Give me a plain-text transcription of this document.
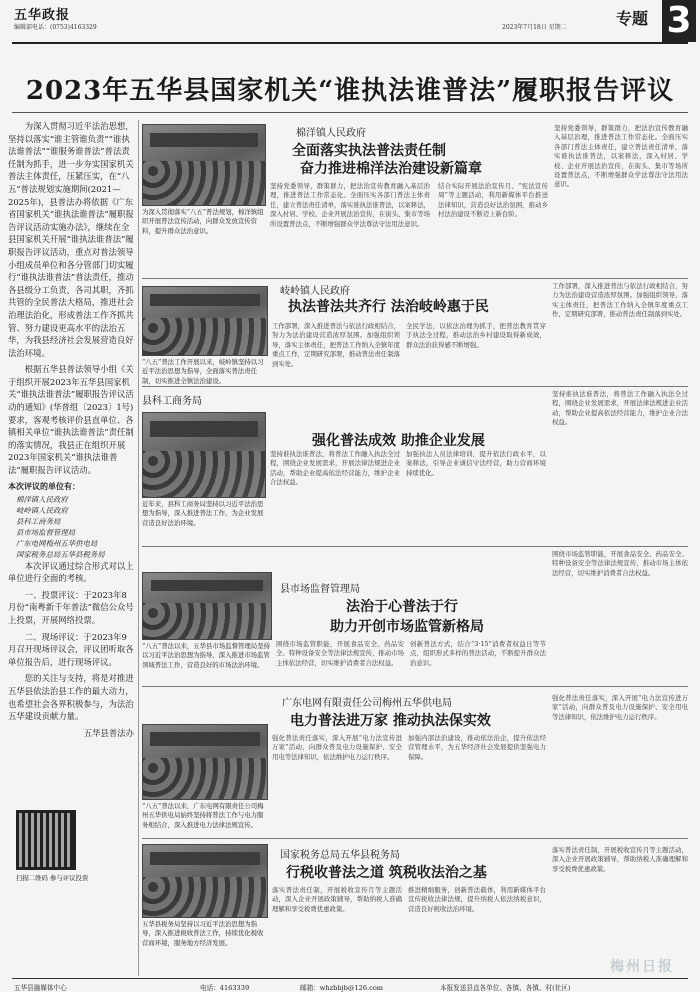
五华政报
编辑部电话：(0753)4163329	2023年7月18日 星期二	专题 3
2023年五华县国家机关“谁执法谁普法”履职报告评议

为深入贯彻习近平法治思想，坚持以落实“谁主管谁负责”“谁执法谁普法”“谁服务谁普法”普法责任制为抓手，进一步夯实国家机关普法主体责任，压紧压实，在“八五”普法规划实施期间(2021—2025年)，县普法办将依据《广东省国家机关“谁执法谁普法”履职报告评议活动实施办法》，继续在全县国家机关开展“谁执法谁普法”履职报告评议活动，重点对普法领导小组成员单位和各分管部门切实履行“谁执法谁普法”普法责任，推动各县级分工负责，各司其职，齐抓共管的全民普法大格局，推进社会治理法治化，形成普法工作齐抓共管、努力建设更高水平的法治五华，为我县经济社会发展营造良好法治环境。

根据五华县普法领导小组《关于组织开展2023年五华县国家机关“谁执法谁普法”履职报告评议活动的通知》(华普组〔2023〕1号)要求，客观考核评价县直单位、各镇相关单位“谁执法谁普法”责任制的落实情况，我县正在组织开展2023年国家机关“谁执法谁普法”履职报告评议活动。

本次评议的单位有：
棉洋镇人民政府
岐岭镇人民政府
县科工商务局
县市场监督管理局
广东电网梅州五华供电局
国家税务总局五华县税务局

本次评议通过综合形式对以上单位进行全面的考核。

一、投票评议：于2023年8月份“南粤新千年普法”微信公众号上投票，开展网络投票。

二、现场评议：于2023年9月召开现场评议会，评议团听取各单位报告后，进行现场评议。

您的关注与支持，将是对推进五华县依法治县工作的最大动力，也希望社会各界积极参与，为法治五华建设贡献力量。

五华县普法办

扫描二维码 参与评议投票
棉洋镇人民政府
全面落实执法普法责任制
奋力推进棉洋法治建设新篇章
为深入贯彻落实“八五”普法规划，棉洋镇组织开展普法宣传活动，向群众发放宣传资料，提升群众法治意识。
坚持党委领导，群策群力，把法治宣传教育融入基层治理，推进普法工作常态化。全面压实各部门普法主体责任，建立普法责任清单，落实谁执法谁普法，以案释法，深入村居、学校、企业开展法治宣传，在街头、集市等场所设置普法点，不断增强群众学法尊法守法用法意识。
结合实际开展法治宣传月、“宪法宣传周”等主题活动，利用新媒体平台推送法律知识，营造良好法治氛围，推动乡村法治建设不断迈上新台阶。
坚持党委领导，群策群力，把法治宣传教育融入基层治理，推进普法工作常态化。全面压实各部门普法主体责任，建立普法责任清单，落实谁执法谁普法，以案释法，深入村居、学校、企业开展法治宣传，在街头、集市等场所设置普法点，不断增强群众学法尊法守法用法意识。
岐岭镇人民政府
执法普法共齐行 法治岐岭惠于民
“八五”普法工作开展以来，岐岭镇坚持以习近平法治思想为指导，全面落实普法责任制，切实推进全镇法治建设。
工作部署，深入推进普法与依法行政相结合，努力为法治建设营造浓厚氛围。加强组织领导，落实主体责任，把普法工作纳入全镇年度重点工作，定期研究部署，推动普法责任制落到实处。
全民学法，以依法治理为抓手，把普法教育贯穿于执法全过程，推动法治乡村建设取得新成效，群众法治获得感不断增强。
工作部署，深入推进普法与依法行政相结合，努力为法治建设营造浓厚氛围。加强组织领导，落实主体责任，把普法工作纳入全镇年度重点工作，定期研究部署，推动普法责任制落到实处。
县科工商务局
强化普法成效 助推企业发展
近年来，县科工商务局坚持以习近平法治思想为指导，深入推进普法工作，为企业发展营造良好法治环境。
坚持谁执法谁普法，将普法工作融入执法全过程，围绕企业发展需求，开展法律法规进企业活动，帮助企业提高依法经营能力，维护企业合法权益。
加强执法人员法律培训，提升依法行政水平，以案释法，引导企业诚信守法经营，助力营商环境持续优化。
坚持谁执法谁普法，将普法工作融入执法全过程，围绕企业发展需求，开展法律法规进企业活动，帮助企业提高依法经营能力，维护企业合法权益。
县市场监督管理局
法治于心普法于行
助力开创市场监管新格局
“八五”普法以来，五华县市场监督管理局坚持以习近平法治思想为指导，深入推进市场监管领域普法工作，营造良好的市场法治环境。
围绕市场监管职能，开展食品安全、药品安全、特种设备安全等法律法规宣传，推动市场主体依法经营，切实维护消费者合法权益。
创新普法方式，结合“3·15”消费者权益日等节点，组织形式多样的普法活动，不断提升群众法治意识。
围绕市场监管职能，开展食品安全、药品安全、特种设备安全等法律法规宣传，推动市场主体依法经营，切实维护消费者合法权益。
广东电网有限责任公司梅州五华供电局
电力普法进万家 推动执法保实效
“八五”普法以来，广东电网有限责任公司梅州五华供电局始终坚持将普法工作与电力服务相结合，深入推进电力法律法规宣传。
强化普法责任落实，深入开展“电力法宣传进万家”活动，向群众普及电力设施保护、安全用电等法律知识，依法维护电力运行秩序。
加强内部法治建设，推动依法治企，提升依法经营管理水平，为五华经济社会发展提供坚强电力保障。
强化普法责任落实，深入开展“电力法宣传进万家”活动，向群众普及电力设施保护、安全用电等法律知识，依法维护电力运行秩序。
国家税务总局五华县税务局
行税收普法之道 筑税收法治之基
五华县税务局坚持以习近平法治思想为指导，深入推进税收普法工作，持续优化税收营商环境，服务地方经济发展。
落实普法责任制，开展税收宣传月等主题活动，深入企业开展政策辅导，帮助纳税人准确理解和享受税费优惠政策。
推进精细服务，创新普法载体，利用新媒体平台宣传税收法律法规，提升纳税人依法纳税意识，营造良好税收法治环境。
落实普法责任制，开展税收宣传月等主题活动，深入企业开展政策辅导，帮助纳税人准确理解和享受税费优惠政策。
五华县融媒体中心	电话：4163339	邮箱：whzbbjb@126.com	本报发送县直各单位、各镇、各镇、村(社区)
梅州日报
